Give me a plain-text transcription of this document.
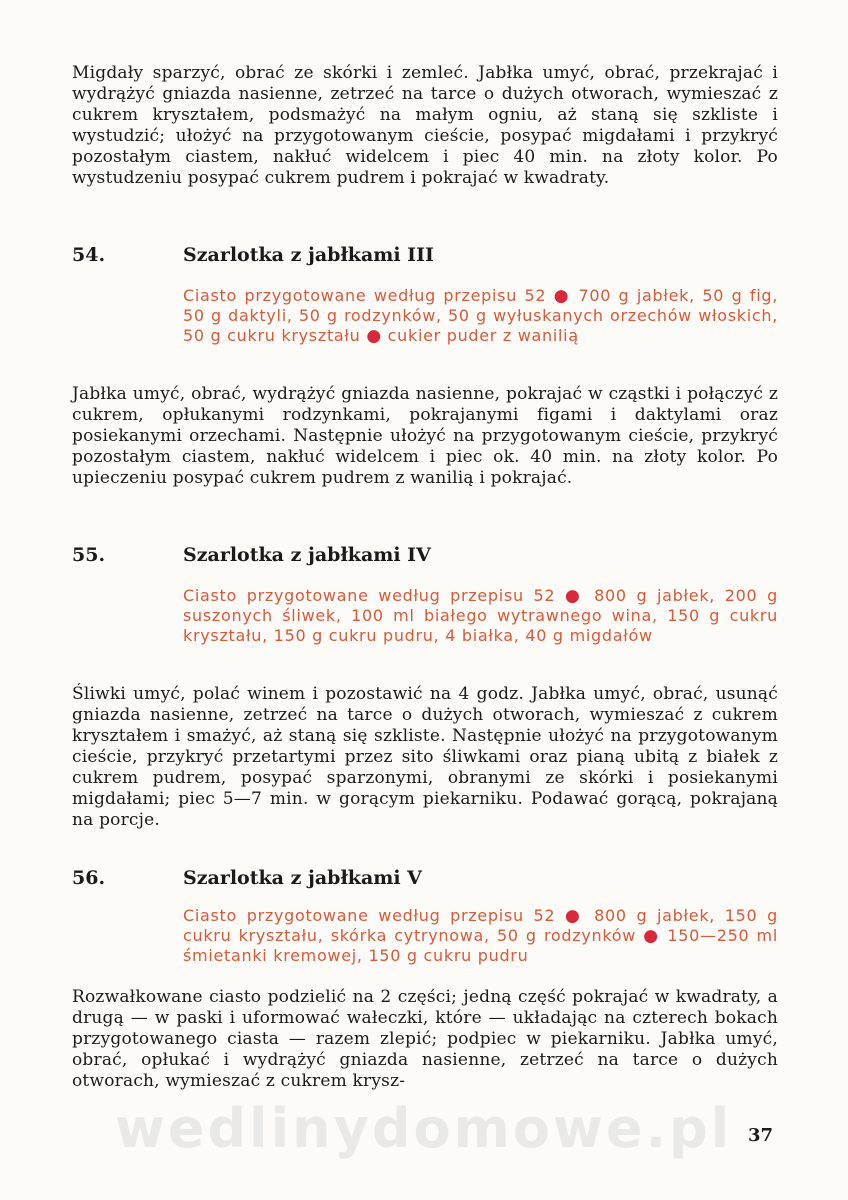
Migdały sparzyć, obrać ze skórki i zemleć. Jabłka umyć, obrać, przekrajać i wydrążyć gniazda nasienne, zetrzeć na tarce o dużych otworach, wymieszać z cukrem kryształem, podsmażyć na małym ogniu, aż staną się szkliste i wystudzić; ułożyć na przygotowanym cieście, posypać migdałami i przykryć pozostałym ciastem, nakłuć widelcem i piec 40 min. na złoty kolor. Po wystudzeniu posypać cukrem pudrem i pokrajać w kwadraty.

54.	Szarlotka z jabłkami III

Ciasto przygotowane według przepisu 52 ● 700 g jabłek, 50 g fig, 50 g daktyli, 50 g rodzynków, 50 g wyłuskanych orzechów włoskich, 50 g cukru kryształu ● cukier puder z wanilią

Jabłka umyć, obrać, wydrążyć gniazda nasienne, pokrajać w cząstki i połączyć z cukrem, opłukanymi rodzynkami, pokrajanymi figami i daktylami oraz posiekanymi orzechami. Następnie ułożyć na przygotowanym cieście, przykryć pozostałym ciastem, nakłuć widelcem i piec ok. 40 min. na złoty kolor. Po upieczeniu posypać cukrem pudrem z wanilią i pokrajać.

55.	Szarlotka z jabłkami IV

Ciasto przygotowane według przepisu 52 ● 800 g jabłek, 200 g suszonych śliwek, 100 ml białego wytrawnego wina, 150 g cukru kryształu, 150 g cukru pudru, 4 białka, 40 g migdałów

Śliwki umyć, polać winem i pozostawić na 4 godz. Jabłka umyć, obrać, usunąć gniazda nasienne, zetrzeć na tarce o dużych otworach, wymieszać z cukrem kryształem i smażyć, aż staną się szkliste. Następnie ułożyć na przygotowanym cieście, przykryć przetartymi przez sito śliwkami oraz pianą ubitą z białek z cukrem pudrem, posypać sparzonymi, obranymi ze skórki i posiekanymi migdałami; piec 5—7 min. w gorącym piekarniku. Podawać gorącą, pokrajaną na porcje.

56.	Szarlotka z jabłkami V

Ciasto przygotowane według przepisu 52 ● 800 g jabłek, 150 g cukru kryształu, skórka cytrynowa, 50 g rodzynków ● 150—250 ml śmietanki kremowej, 150 g cukru pudru

Rozwałkowane ciasto podzielić na 2 części; jedną część pokrajać w kwadraty, a drugą — w paski i uformować wałeczki, które — układając na czterech bokach przygotowanego ciasta — razem zlepić; podpiec w piekarniku. Jabłka umyć, obrać, opłukać i wydrążyć gniazda nasienne, zetrzeć na tarce o dużych otworach, wymieszać z cukrem krysz-

wedlinydomowe.pl 37
